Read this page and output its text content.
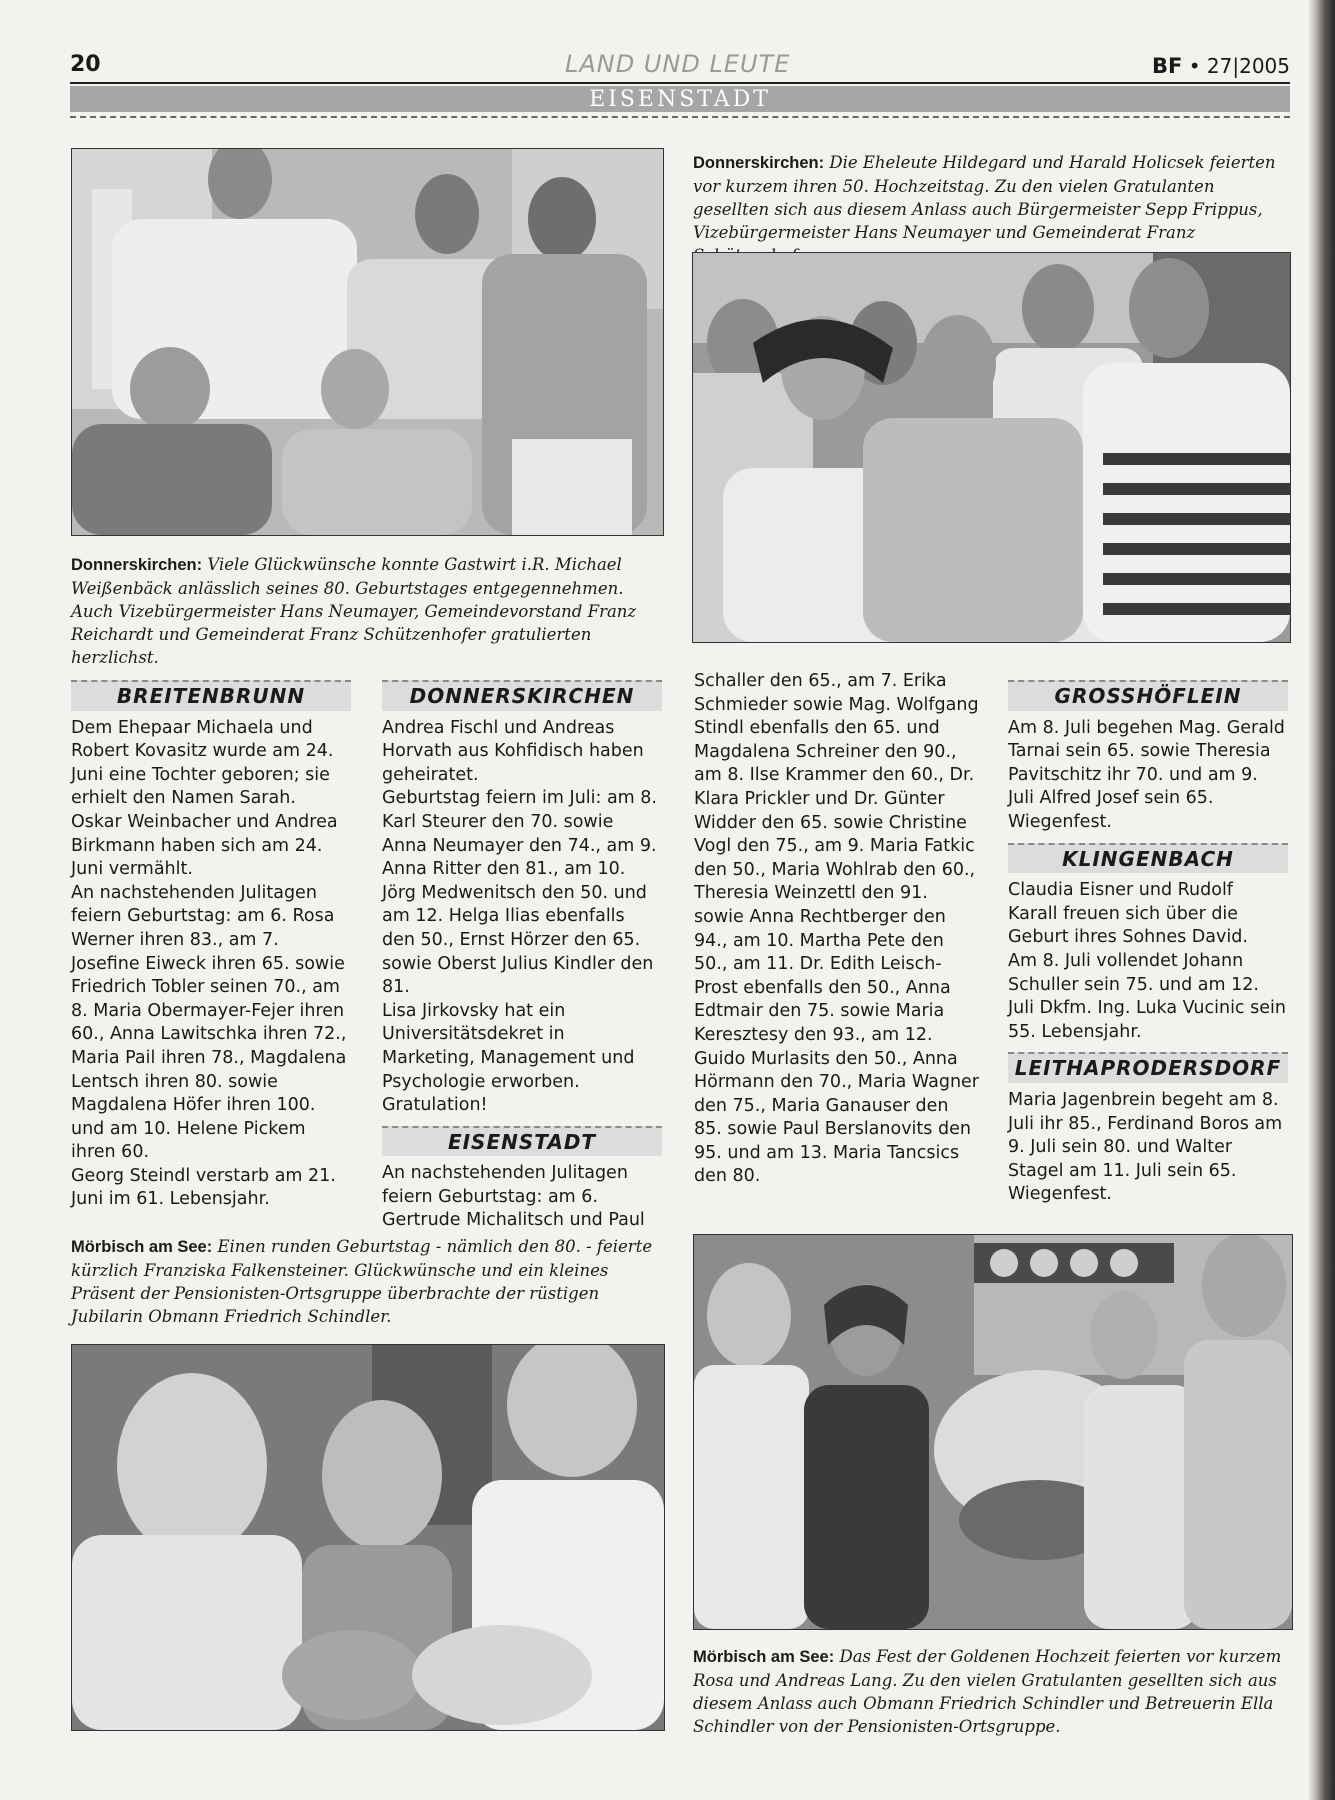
20	LAND UND LEUTE	BF • 27|2005
EISENSTADT
Donnerskirchen: Die Eheleute Hildegard und Harald Holicsek feierten vor kurzem ihren 50. Hochzeitstag. Zu den vielen Gratulanten gesellten sich aus diesem Anlass auch Bürgermeister Sepp Frippus, Vizebürgermeister Hans Neumayer und Gemeinderat Franz
Donnerskirchen: Viele Glückwünsche konnte Gastwirt i.R. Michael Weißenbäck anlässlich seines 80. Geburtstages entgegennehmen. Auch Vizebürgermeister Hans Neumayer, Gemeindevorstand Franz Reichardt und Gemeinderat Franz Schützenhofer gratulierten herzlichst.
BREITENBRUNN

Dem Ehepaar Michaela und Robert Kovasitz wurde am 24. Juni eine Tochter geboren; sie erhielt den Namen Sarah.

Oskar Weinbacher und Andrea Birkmann haben sich am 24. Juni vermählt.

An nachstehenden Julitagen feiern Geburtstag: am 6. Rosa Werner ihren 83., am 7. Josefine Eiweck ihren 65. sowie Friedrich Tobler seinen 70., am 8. Maria Obermayer-Fejer ihren 60., Anna Lawitschka ihren 72., Maria Pail ihren 78., Magdalena Lentsch ihren 80. sowie Magdalena Höfer ihren 100. und am 10. Helene Pickem ihren 60.

Georg Steindl verstarb am 21. Juni im 61. Lebensjahr.

DONNERSKIRCHEN

Andrea Fischl und Andreas Horvath aus Kohfidisch haben geheiratet.

Geburtstag feiern im Juli: am 8. Karl Steurer den 70. sowie Anna Neumayer den 74., am 9. Anna Ritter den 81., am 10. Jörg Medwenitsch den 50. und am 12. Helga Ilias ebenfalls den 50., Ernst Hörzer den 65. sowie Oberst Julius Kindler den 81.

Lisa Jirkovsky hat ein Universitätsdekret in Marketing, Management und Psychologie erworben. Gratulation!

EISENSTADT

An nachstehenden Julitagen feiern Geburtstag: am 6. Gertrude Michalitsch und Paul

Schaller den 65., am 7. Erika Schmieder sowie Mag. Wolfgang Stindl ebenfalls den 65. und Magdalena Schreiner den 90., am 8. Ilse Krammer den 60., Dr. Klara Prickler und Dr. Günter Widder den 65. sowie Christine Vogl den 75., am 9. Maria Fatkic den 50., Maria Wohlrab den 60., Theresia Weinzettl den 91. sowie Anna Rechtberger den 94., am 10. Martha Pete den 50., am 11. Dr. Edith Leisch-Prost ebenfalls den 50., Anna Edtmair den 75. sowie Maria Keresztesy den 93., am 12. Guido Murlasits den 50., Anna Hörmann den 70., Maria Wagner den 75., Maria Ganauser den 85. sowie Paul Berslanovits den 95. und am 13. Maria Tancsics den 80.

GROSSHÖFLEIN

Am 8. Juli begehen Mag. Gerald Tarnai sein 65. sowie Theresia Pavitschitz ihr 70. und am 9. Juli Alfred Josef sein 65. Wiegenfest.

KLINGENBACH

Claudia Eisner und Rudolf Karall freuen sich über die Geburt ihres Sohnes David.

Am 8. Juli vollendet Johann Schuller sein 75. und am 12. Juli Dkfm. Ing. Luka Vucinic sein 55. Lebensjahr.

LEITHAPRODERSDORF

Maria Jagenbrein begeht am 8. Juli ihr 85., Ferdinand Boros am 9. Juli sein 80. und Walter Stagel am 11. Juli sein 65. Wiegenfest.

Mörbisch am See: Einen runden Geburtstag - nämlich den 80. - feierte kürzlich Franziska Falkensteiner. Glückwünsche und ein kleines Präsent der Pensionisten-Ortsgruppe überbrachte der rüstigen Jubilarin Obmann Friedrich Schindler.
Mörbisch am See: Das Fest der Goldenen Hochzeit feierten vor kurzem Rosa und Andreas Lang. Zu den vielen Gratulanten gesellten sich aus diesem Anlass auch Obmann Friedrich Schindler und Betreuerin Ella Schindler von der Pensionisten-Ortsgruppe.
